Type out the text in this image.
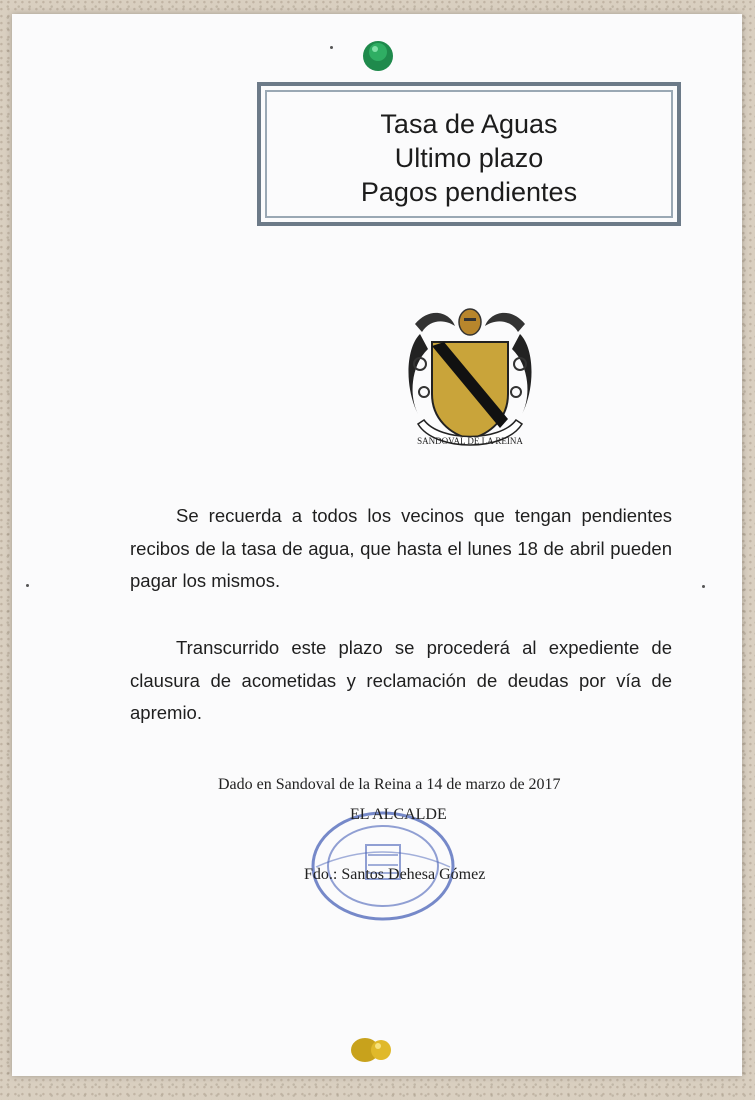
Tasa de Aguas
Ultimo plazo
Pagos pendientes
SANDOVAL DE LA REINA
Se recuerda a todos los vecinos que tengan pendientes recibos de la tasa de agua, que hasta el lunes 18 de abril pueden pagar los mismos.
Transcurrido este plazo se procederá al expediente de clausura de acometidas y reclamación de deudas por vía de apremio.
Dado en Sandoval de la Reina a 14 de marzo de 2017
EL ALCALDE
Fdo.: Santos Dehesa Gómez
